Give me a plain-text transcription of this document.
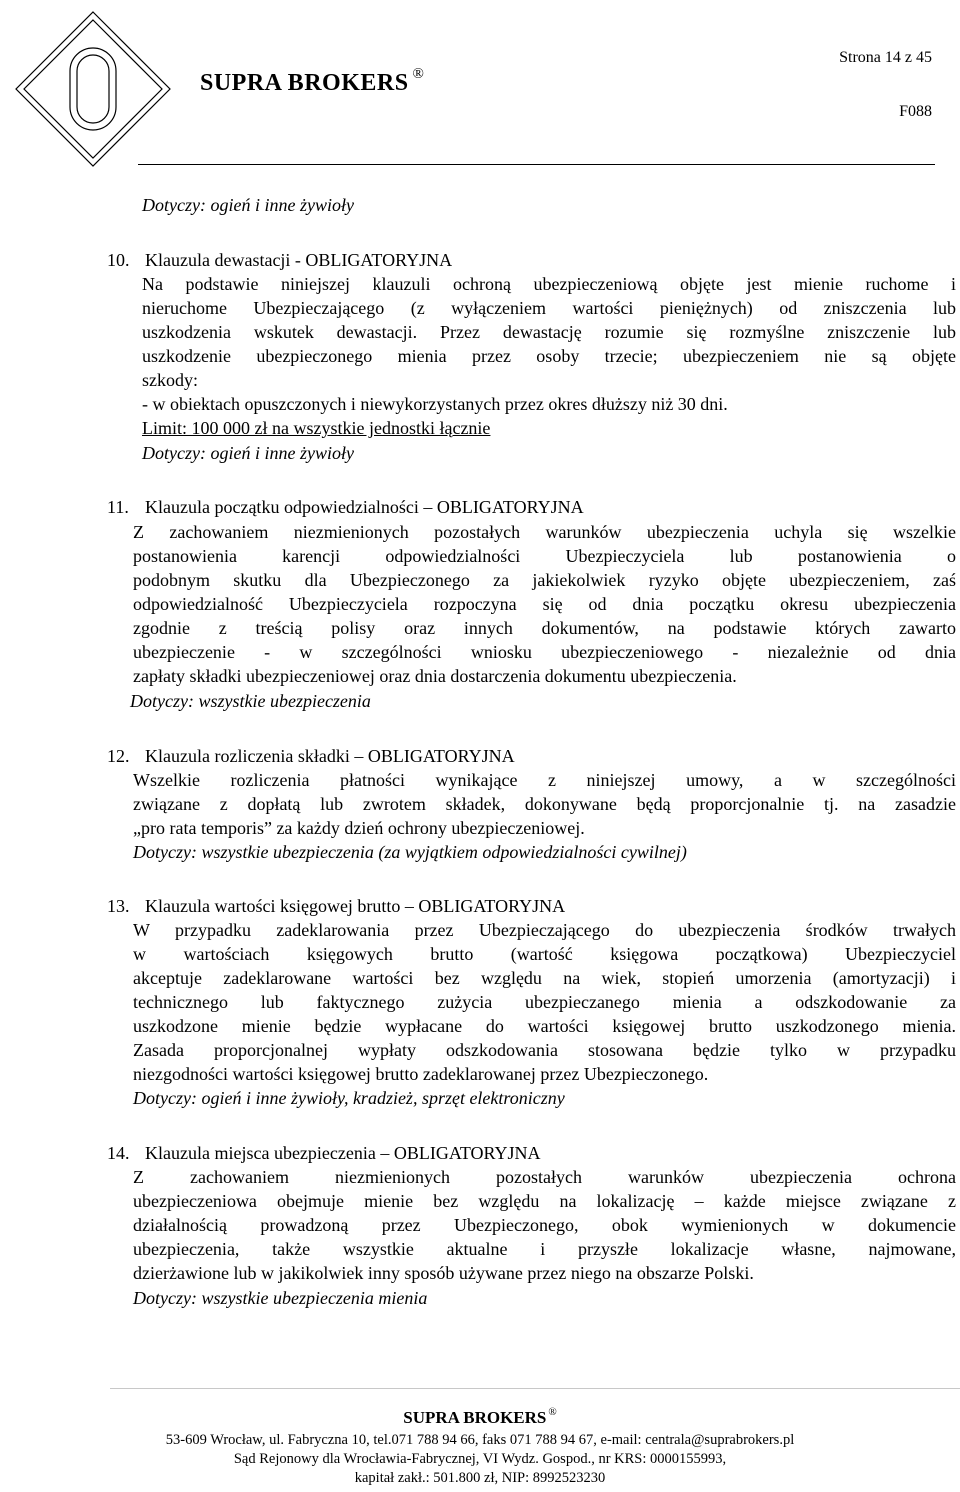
SUPRA BROKERS ®
Strona 14 z 45
F088
Dotyczy: ogień i inne żywioły
10. Klauzula dewastacji - OBLIGATORYJNA
Na podstawie niniejszej klauzuli ochroną ubezpieczeniową objęte jest mienie ruchome i
nieruchome Ubezpieczającego (z wyłączeniem wartości pieniężnych) od zniszczenia lub
uszkodzenia wskutek dewastacji. Przez dewastację rozumie się rozmyślne zniszczenie lub
uszkodzenie ubezpieczonego mienia przez osoby trzecie; ubezpieczeniem nie są objęte
szkody:
- w obiektach opuszczonych i niewykorzystanych przez okres dłuższy niż 30 dni.
Limit: 100 000 zł na wszystkie jednostki łącznie
Dotyczy: ogień i inne żywioły
11. Klauzula początku odpowiedzialności – OBLIGATORYJNA
Z zachowaniem niezmienionych pozostałych warunków ubezpieczenia uchyla się wszelkie
postanowienia karencji odpowiedzialności Ubezpieczyciela lub postanowienia o
podobnym skutku dla Ubezpieczonego za jakiekolwiek ryzyko objęte ubezpieczeniem, zaś
odpowiedzialność Ubezpieczyciela rozpoczyna się od dnia początku okresu ubezpieczenia
zgodnie z treścią polisy oraz innych dokumentów, na podstawie których zawarto
ubezpieczenie - w szczególności wniosku ubezpieczeniowego - niezależnie od dnia
zapłaty składki ubezpieczeniowej oraz dnia dostarczenia dokumentu ubezpieczenia.
Dotyczy: wszystkie ubezpieczenia
12. Klauzula rozliczenia składki – OBLIGATORYJNA
Wszelkie rozliczenia płatności wynikające z niniejszej umowy, a w szczególności
związane z dopłatą lub zwrotem składek, dokonywane będą proporcjonalnie tj. na zasadzie
„pro rata temporis” za każdy dzień ochrony ubezpieczeniowej.
Dotyczy: wszystkie ubezpieczenia (za wyjątkiem odpowiedzialności cywilnej)
13. Klauzula wartości księgowej brutto – OBLIGATORYJNA
W przypadku zadeklarowania przez Ubezpieczającego do ubezpieczenia środków trwałych
w wartościach księgowych brutto (wartość księgowa początkowa) Ubezpieczyciel
akceptuje zadeklarowane wartości bez względu na wiek, stopień umorzenia (amortyzacji) i
technicznego lub faktycznego zużycia ubezpieczanego mienia a odszkodowanie za
uszkodzone mienie będzie wypłacane do wartości księgowej brutto uszkodzonego mienia.
Zasada proporcjonalnej wypłaty odszkodowania stosowana będzie tylko w przypadku
niezgodności wartości księgowej brutto zadeklarowanej przez Ubezpieczonego.
Dotyczy: ogień i inne żywioły, kradzież, sprzęt elektroniczny
14. Klauzula miejsca ubezpieczenia – OBLIGATORYJNA
Z zachowaniem niezmienionych pozostałych warunków ubezpieczenia ochrona
ubezpieczeniowa obejmuje mienie bez względu na lokalizację – każde miejsce związane z
działalnością prowadzoną przez Ubezpieczonego, obok wymienionych w dokumencie
ubezpieczenia, także wszystkie aktualne i przyszłe lokalizacje własne, najmowane,
dzierżawione lub w jakikolwiek inny sposób używane przez niego na obszarze Polski.
Dotyczy: wszystkie ubezpieczenia mienia
SUPRA BROKERS ®
53-609 Wrocław, ul. Fabryczna 10, tel.071 788 94 66, faks 071 788 94 67, e-mail: centrala@suprabrokers.pl
Sąd Rejonowy dla Wrocławia-Fabrycznej, VI Wydz. Gospod., nr KRS: 0000155993,
kapitał zakł.: 501.800 zł, NIP: 8992523230
